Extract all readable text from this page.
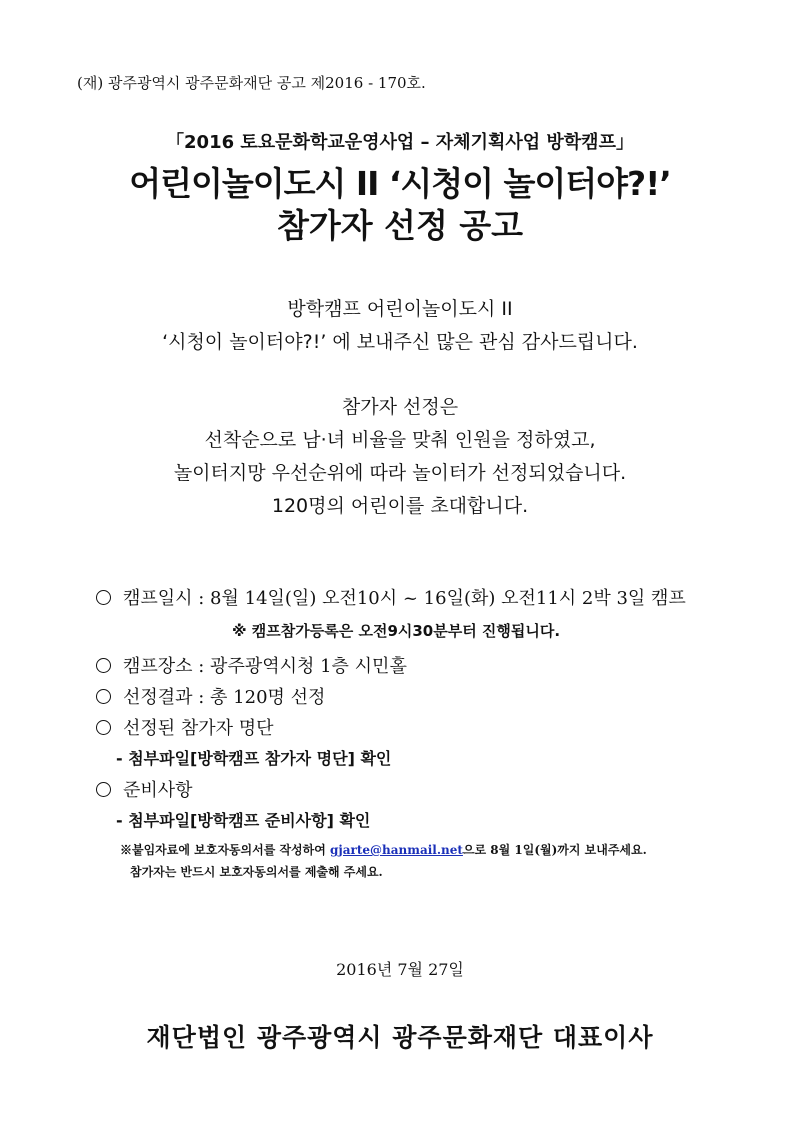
(재) 광주광역시 광주문화재단 공고 제2016 - 170호.
「2016 토요문화학교운영사업 – 자체기획사업 방학캠프」
어린이놀이도시 II ‘시청이 놀이터야?!’
참가자 선정 공고
방학캠프 어린이놀이도시 II
‘시청이 놀이터야?!’ 에 보내주신 많은 관심 감사드립니다.
참가자 선정은
선착순으로 남·녀 비율을 맞춰 인원을 정하였고,
놀이터지망 우선순위에 따라 놀이터가 선정되었습니다.
120명의 어린이를 초대합니다.
캠프일시 : 8월 14일(일) 오전10시 ~ 16일(화) 오전11시 2박 3일 캠프
※ 캠프참가등록은 오전9시30분부터 진행됩니다.
캠프장소 : 광주광역시청 1층 시민홀
선정결과 : 총 120명 선정
선정된 참가자 명단
- 첨부파일[방학캠프 참가자 명단] 확인
준비사항
- 첨부파일[방학캠프 준비사항] 확인
※붙임자료에 보호자동의서를 작성하여 gjarte@hanmail.net으로 8월 1일(월)까지 보내주세요.
참가자는 반드시 보호자동의서를 제출해 주세요.
2016년 7월 27일
재단법인 광주광역시 광주문화재단 대표이사
